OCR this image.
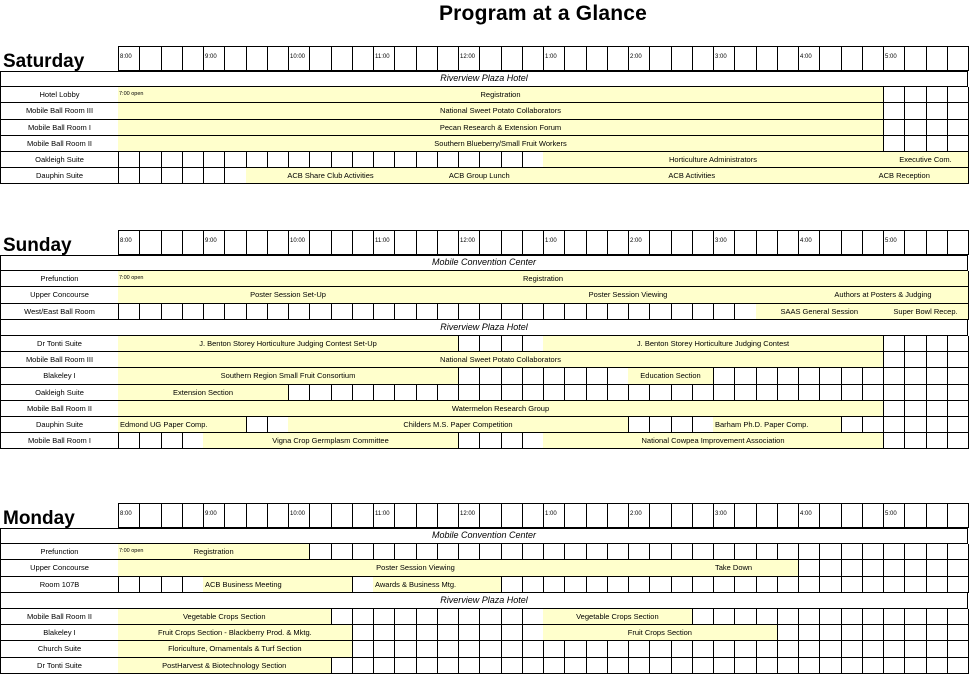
Program at a Glance
Saturday	8:00	9:00	10:00	11:00	12:00	1:00	2:00	3:00	4:00	5:00
Riverview Plaza Hotel
Hotel Lobby	Registration
7:00 open
Mobile Ball Room III	National Sweet Potato Collaborators
Mobile Ball Room I	Pecan Research & Extension Forum
Mobile Ball Room II	Southern Blueberry/Small Fruit Workers
Oakleigh Suite	Horticulture Administrators	Executive Com.
Dauphin Suite	ACB Share Club Activities	ACB Group Lunch	ACB Activities	ACB Reception
Sunday	8:00	9:00	10:00	11:00	12:00	1:00	2:00	3:00	4:00	5:00
Mobile Convention Center
Prefunction	Registration
7:00 open
Upper Concourse	Poster Session Set-Up	Poster Session Viewing	Authors at Posters & Judging
West/East Ball Room	SAAS General Session	Super Bowl Recep.
Riverview Plaza Hotel
Dr Tonti Suite	J. Benton Storey Horticulture Judging Contest Set-Up	J. Benton Storey Horticulture Judging Contest
Mobile Ball Room III	National Sweet Potato Collaborators
Blakeley I	Southern Region Small Fruit Consortium	Education Section
Oakleigh Suite	Extension Section
Mobile Ball Room II	Watermelon Research Group
Dauphin Suite	Edmond UG Paper Comp.	Childers M.S. Paper Competition	Barham Ph.D. Paper Comp.
Mobile Ball Room I	Vigna Crop Germplasm Committee	National Cowpea Improvement Association
Monday	8:00	9:00	10:00	11:00	12:00	1:00	2:00	3:00	4:00	5:00
Mobile Convention Center
Prefunction	Registration
7:00 open
Upper Concourse	Poster Session Viewing	Take Down
Room 107B	ACB Business Meeting	Awards & Business Mtg.
Riverview Plaza Hotel
Mobile Ball Room II	Vegetable Crops Section	Vegetable Crops Section
Blakeley I	Fruit Crops Section - Blackberry Prod. & Mktg.	Fruit Crops Section
Church Suite	Floriculture, Ornamentals & Turf Section
Dr Tonti Suite	PostHarvest & Biotechnology Section
